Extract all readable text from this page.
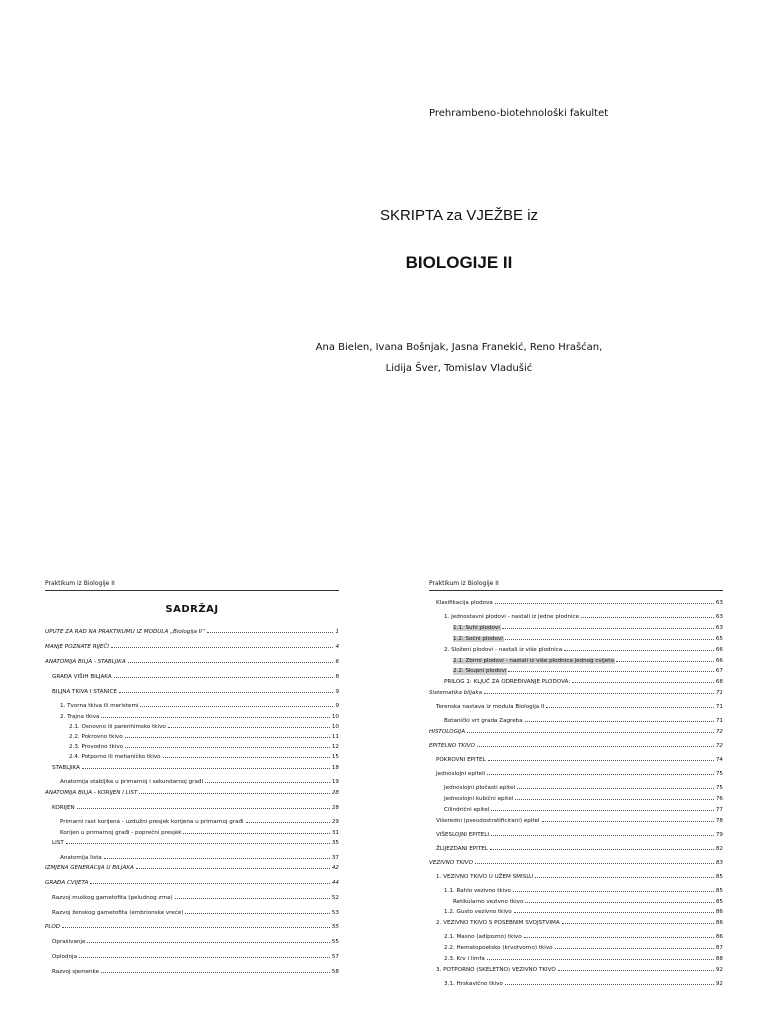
Prehrambeno-biotehnološki fakultet
SKRIPTA za VJEŽBE iz
BIOLOGIJE II
Ana Bielen, Ivana Bošnjak, Jasna Franekić, Reno Hrašćan,
Lidija Šver, Tomislav Vladušić
Praktikum iz Biologije II
SADRŽAJ
UPUTE ZA RAD NA PRAKTIKUMU IZ MODULA „Biologija II“	1
MANJE POZNATE RIJEČI	4
ANATOMIJA BILJA - STABLJIKA	6
GRAĐA VIŠIH BILJAKA	8
BILJNA TKIVA I STANICE	9
1. Tvorna tkiva ili meristemi	9
2. Trajna tkiva	10
2.1. Osnovno ili parenhimsko tkivo	10
2.2. Pokrovno tkivo	11
2.3. Provodno tkivo	12
2.4. Potporno ili mehaničko tkivo	15
STABLJIKA	18
Anatomija stabljike u primarnoj i sekundarnoj građi	19
ANATOMIJA BILJA - KORIJEN I LIST	28
KORIJEN	28
Primarni rast korijena - uzdužni presjek korijena u primarnoj građi	29
Korijen u primarnoj građi - poprečni presjek	31
LIST	35
Anatomija lista	37
IZMJENA GENERACIJA U BILJAKA	42
GRAĐA CVIJETA	44
Razvoj muškog gametofita (peludnog zrna)	52
Razvoj ženskog gametofita (embrionske vreće)	53
PLOD	55
Oprašivanje	55
Oplodnja	57
Razvoj sjemenke	58
Praktikum iz Biologije II
Klasifikacija plodova	63
1. Jednostavni plodovi - nastali iz jedne plodnice	63
1.1. Suhi plodovi	63
1.2. Sočni plodovi	65
2. Složeni plodovi - nastali iz više plodnica	66
2.1. Zbirni plodovi - nastali iz više plodnica jednog cvijeta	66
2.2. Skupni plodovi	67
PRILOG 1: KLJUČ ZA ODREĐIVANJE PLODOVA:	68
Sistematika biljaka	71
Terenska nastava iz modula Biologija II	71
Botanički vrt grada Zagreba	71
HISTOLOGIJA	72
EPITELNO TKIVO	72
POKROVNI EPITEL	74
Jednoslojni epiteli	75
Jednoslojni pločasti epitel	75
Jednoslojni kubični epitel	76
Cilindrični epitel	77
Višeredni (pseudostratificirani) epitel	78
VIŠESLOJNI EPITELI	79
ŽLIJEZDANI EPITEL	82
VEZIVNO TKIVO	83
1. VEZIVNO TKIVO U UŽEM SMISLU	85
1.1. Rahlo vezivno tkivo	85
Retikularno vezivno tkivo	85
1.2. Gusto vezivno tkivo	86
2. VEZIVNO TKIVO S POSEBNIM SVOJSTVIMA	86
2.1. Masno (adipozno) tkivo	86
2.2. Hematopoetsko (krvotvorno) tkivo	87
2.3. Krv i limfa	88
3. POTPORNO (SKELETNO) VEZIVNO TKIVO	92
3.1. Hrskavično tkivo	92
